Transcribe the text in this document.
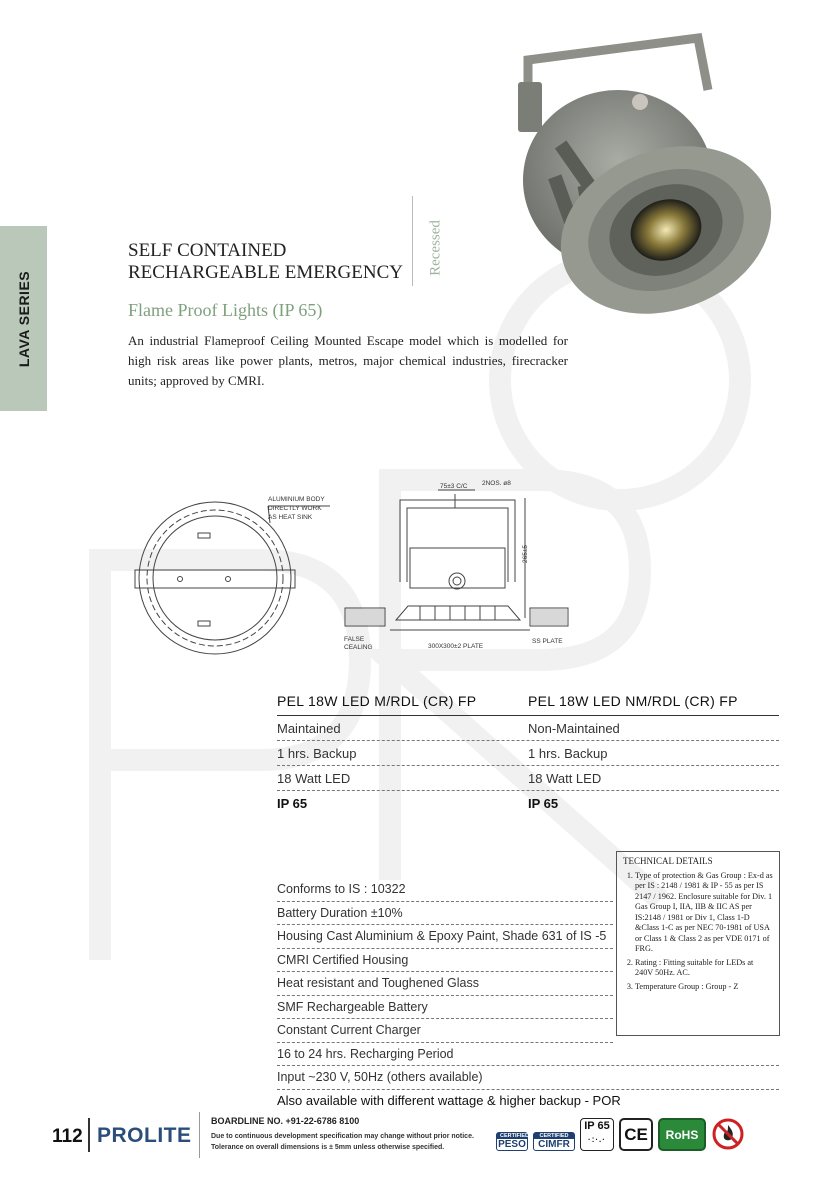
LAVA SERIES
SELF CONTAINED
RECHARGEABLE EMERGENCY Recessed
Flame Proof Lights (IP 65)
An industrial Flameproof Ceiling Mounted Escape model which is modelled for high risk areas like power plants, metros, major chemical industries, firecracker units; approved by CMRI.
ALUMINIUM BODY
DIRECTLY WORK
AS HEAT SINK
75±3 C/C 2NOS. ø8
265±5
FALSE
CEALING	300X300±2 PLATE
SS PLATE
PEL 18W LED M/RDL (CR) FP	PEL 18W LED NM/RDL (CR) FP
Maintained	Non-Maintained
1 hrs. Backup	1 hrs. Backup
18 Watt LED	18 Watt LED
IP 65	IP 65
Conforms to IS : 10322
Battery Duration ±10%
Housing Cast Aluminium & Epoxy Paint, Shade 631 of IS -5
CMRI Certified Housing
Heat resistant and Toughened Glass
SMF Rechargeable Battery
Constant Current Charger
16 to 24 hrs. Recharging Period
Input ~230 V, 50Hz (others available)
Also available with different wattage & higher backup - POR
TECHNICAL DETAILS
1. Type of protection & Gas Group : Ex-d as per IS : 2148 / 1981 & IP - 55 as per IS 2147 / 1962. Enclosure suitable for Div. 1 Gas Group I, IIA, IIB & IIC AS per IS:2148 / 1981 or Div 1, Class 1-D &Class 1-C as per NEC 70-1981 of USA or Class 1 & Class 2 as per VDE 0171 of FRG.
2. Rating : Fitting suitable for LEDs at 240V 50Hz. AC.
3. Temperature Group : Group - Z
112 PROLITE
BOARDLINE NO. +91-22-6786 8100
Due to continuous development specification may change without prior notice.
Tolerance on overall dimensions is ± 5mm unless otherwise specified.
CERTIFIED
PESO
CERTIFIED
CIMFR
IP 65
·:·.·	CE	RoHS
